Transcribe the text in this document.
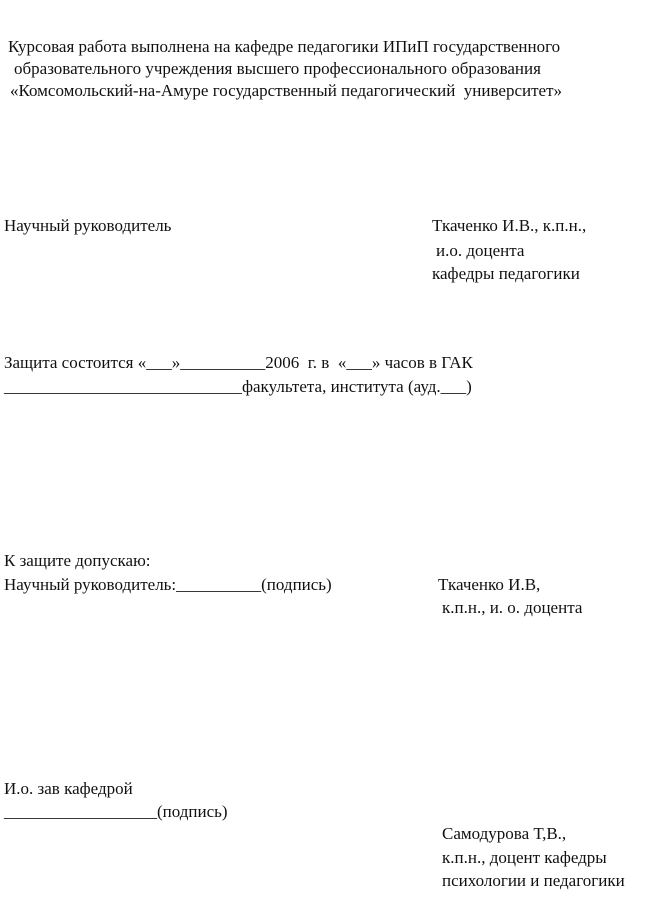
Курсовая работа выполнена на кафедре педагогики ИПиП государственного
образовательного учреждения высшего профессионального образования
«Комсомольский-на-Амуре государственный педагогический  университет»
Научный руководитель	Ткаченко И.В., к.п.н.,
и.о. доцента
кафедры педагогики
Защита состоится «___»__________2006  г. в  «___» часов в ГАК
____________________________факультета, института (ауд.___)
К защите допускаю:
Научный руководитель:__________(подпись)	Ткаченко И.В,
к.п.н., и. о. доцента
И.о. зав кафедрой
__________________(подпись)
Самодурова Т,В.,
к.п.н., доцент кафедры
психологии и педагогики
